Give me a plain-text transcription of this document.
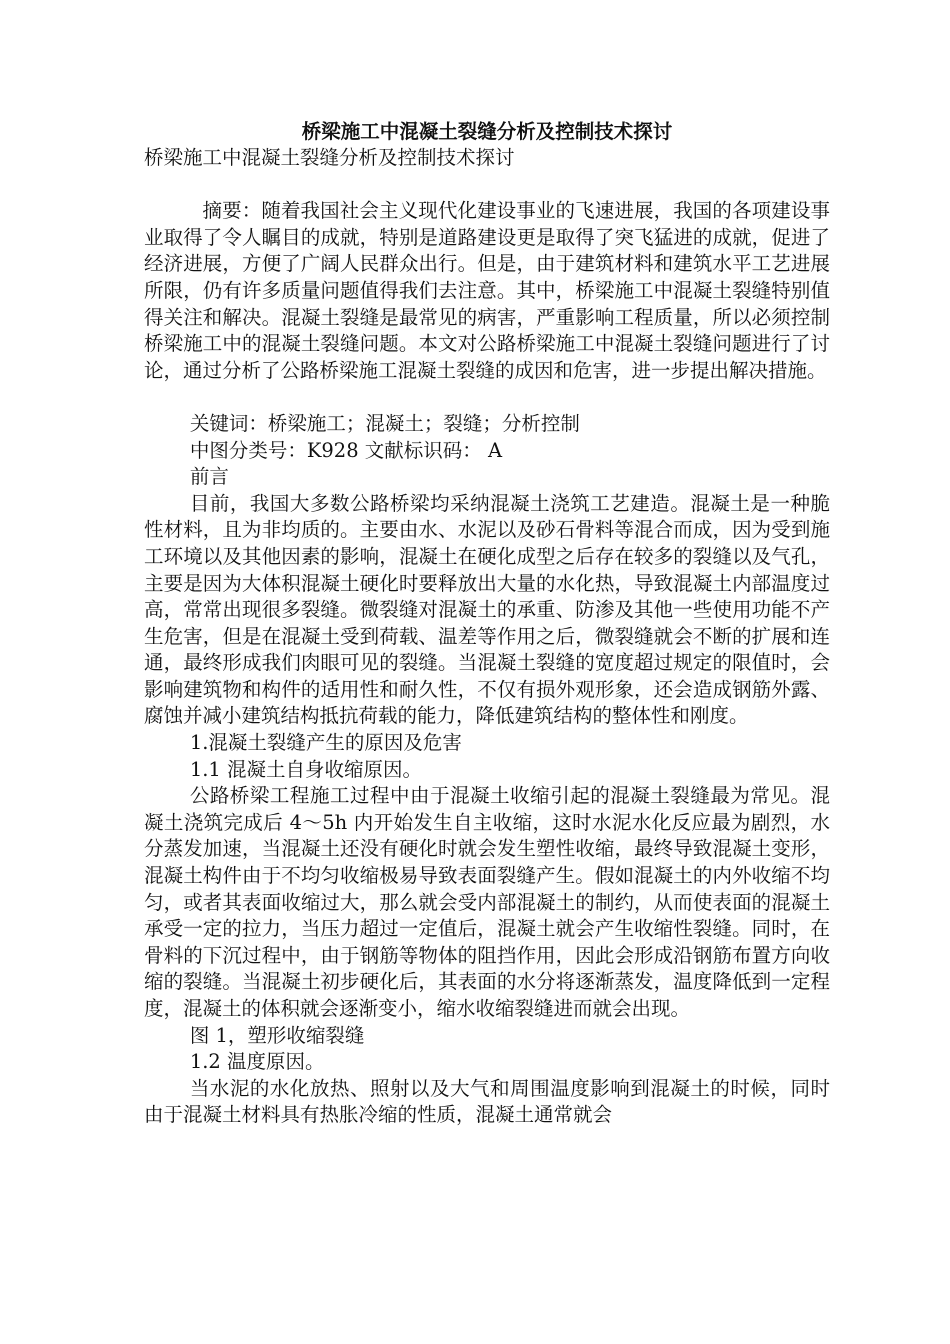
桥梁施工中混凝土裂缝分析及控制技术探讨

桥梁施工中混凝土裂缝分析及控制技术探讨

摘要：随着我国社会主义现代化建设事业的飞速进展，我国的各项建设事业取得了令人瞩目的成就，特别是道路建设更是取得了突飞猛进的成就，促进了经济进展，方便了广阔人民群众出行。但是，由于建筑材料和建筑水平工艺进展所限，仍有许多质量问题值得我们去注意。其中，桥梁施工中混凝土裂缝特别值得关注和解决。混凝土裂缝是最常见的病害，严重影响工程质量，所以必须控制桥梁施工中的混凝土裂缝问题。本文对公路桥梁施工中混凝土裂缝问题进行了讨论，通过分析了公路桥梁施工混凝土裂缝的成因和危害，进一步提出解决措施。

关键词：桥梁施工；混凝土；裂缝；分析控制

中图分类号：K928 文献标识码： A

前言

目前，我国大多数公路桥梁均采纳混凝土浇筑工艺建造。混凝土是一种脆性材料，且为非均质的。主要由水、水泥以及砂石骨料等混合而成，因为受到施工环境以及其他因素的影响，混凝土在硬化成型之后存在较多的裂缝以及气孔，主要是因为大体积混凝土硬化时要释放出大量的水化热，导致混凝土内部温度过高，常常出现很多裂缝。微裂缝对混凝土的承重、防渗及其他一些使用功能不产生危害，但是在混凝土受到荷载、温差等作用之后，微裂缝就会不断的扩展和连通，最终形成我们肉眼可见的裂缝。当混凝土裂缝的宽度超过规定的限值时，会影响建筑物和构件的适用性和耐久性，不仅有损外观形象，还会造成钢筋外露、腐蚀并减小建筑结构抵抗荷载的能力，降低建筑结构的整体性和刚度。

1.混凝土裂缝产生的原因及危害

1.1 混凝土自身收缩原因。

公路桥梁工程施工过程中由于混凝土收缩引起的混凝土裂缝最为常见。混凝土浇筑完成后 4～5h 内开始发生自主收缩，这时水泥水化反应最为剧烈，水分蒸发加速，当混凝土还没有硬化时就会发生塑性收缩，最终导致混凝土变形，混凝土构件由于不均匀收缩极易导致表面裂缝产生。假如混凝土的内外收缩不均匀，或者其表面收缩过大，那么就会受内部混凝土的制约，从而使表面的混凝土承受一定的拉力，当压力超过一定值后，混凝土就会产生收缩性裂缝。同时，在骨料的下沉过程中，由于钢筋等物体的阻挡作用，因此会形成沿钢筋布置方向收缩的裂缝。当混凝土初步硬化后，其表面的水分将逐渐蒸发，温度降低到一定程度，混凝土的体积就会逐渐变小，缩水收缩裂缝进而就会出现。

图 1，塑形收缩裂缝

1.2 温度原因。

当水泥的水化放热、照射以及大气和周围温度影响到混凝土的时候，同时由于混凝土材料具有热胀冷缩的性质，混凝土通常就会
